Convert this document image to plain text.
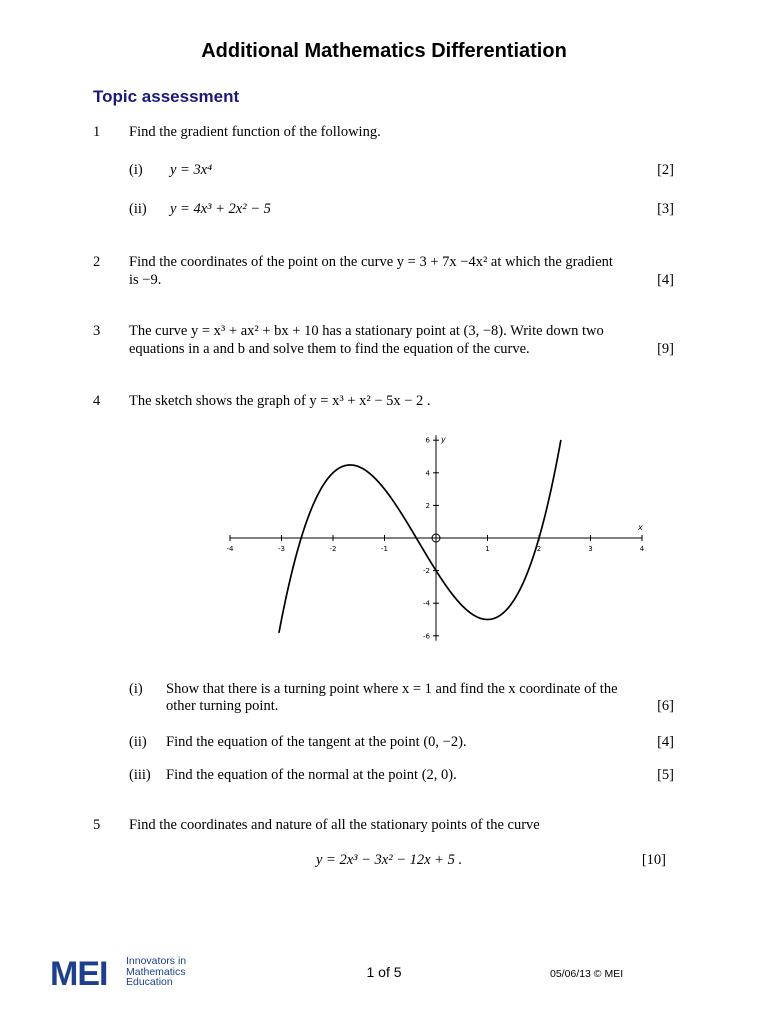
Additional Mathematics Differentiation
Topic assessment
1 Find the gradient function of the following.
(i) y = 3x⁴	[2]
(ii) y = 4x³ + 2x² − 5	[3]
2 Find the coordinates of the point on the curve y = 3 + 7x −4x² at which the gradient
is −9.	[4]
3 The curve y = x³ + ax² + bx + 10 has a stationary point at (3, −8). Write down two
equations in a and b and solve them to find the equation of the curve.	[9]
4 The sketch shows the graph of y = x³ + x² − 5x − 2 .
-4	-3	-2	-1	1	2	3	4
6
4
2
-2
-4
-6
x
y
(i) Show that there is a turning point where x = 1 and find the x coordinate of the
other turning point.	[6]
(ii) Find the equation of the tangent at the point (0, −2).	[4]
(iii) Find the equation of the normal at the point (2, 0).	[5]
5 Find the coordinates and nature of all the stationary points of the curve
y = 2x³ − 3x² − 12x + 5 .	[10]
MEI Innovators in
Mathematics
Education
1 of 5	05/06/13 © MEI
